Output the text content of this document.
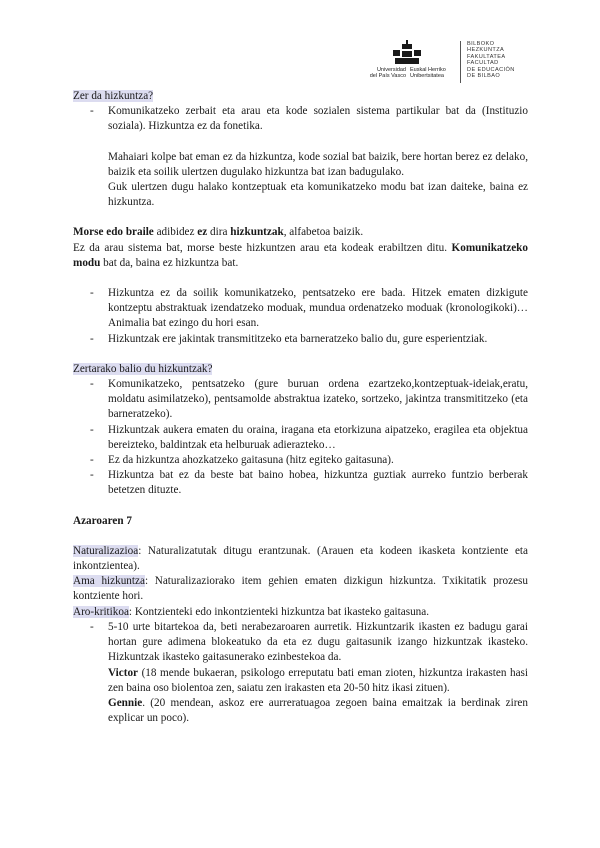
Universidad
del País Vasco
Euskal Herriko
Unibertsitatea
BILBOKO
HEZKUNTZA
FAKULTATEA
FACULTAD
DE EDUCACIÓN
DE BILBAO

Zer da hizkuntza?

- Komunikatzeko zerbait eta arau eta kode sozialen sistema partikular bat da (Instituzio soziala). Hizkuntza ez da fonetika.

Mahaiari kolpe bat eman ez da hizkuntza, kode sozial bat baizik, bere hortan berez ez delako, baizik eta soilik ulertzen dugulako hizkuntza bat izan badugulako.

Guk ulertzen dugu halako kontzeptuak eta komunikatzeko modu bat izan daiteke, baina ez hizkuntza.

Morse edo braile adibidez ez dira hizkuntzak, alfabetoa baizik.

Ez da arau sistema bat, morse beste hizkuntzen arau eta kodeak erabiltzen ditu. Komunikatzeko modu bat da, baina ez hizkuntza bat.

- Hizkuntza ez da soilik komunikatzeko, pentsatzeko ere bada. Hitzek ematen dizkigute kontzeptu abstraktuak izendatzeko moduak, mundua ordenatzeko moduak (kronologikoki)… Animalia bat ezingo du hori esan.
- Hizkuntzak ere jakintak transmititzeko eta barneratzeko balio du, gure esperientziak.

Zertarako balio du hizkuntzak?

- Komunikatzeko, pentsatzeko (gure buruan ordena ezartzeko,kontzeptuak-ideiak,eratu, moldatu asimilatzeko), pentsamolde abstraktua izateko, sortzeko, jakintza transmititzeko (eta barneratzeko).
- Hizkuntzak aukera ematen du oraina, iragana eta etorkizuna aipatzeko, eragilea eta objektua bereizteko, baldintzak eta helburuak adierazteko…
- Ez da hizkuntza ahozkatzeko gaitasuna (hitz egiteko gaitasuna).
- Hizkuntza bat ez da beste bat baino hobea, hizkuntza guztiak aurreko funtzio berberak betetzen dituzte.

Azaroaren 7

Naturalizazioa: Naturalizatutak ditugu erantzunak. (Arauen eta kodeen ikasketa kontziente eta inkontzientea).

Ama hizkuntza: Naturalizaziorako item gehien ematen dizkigun hizkuntza. Txikitatik prozesu kontziente hori.

Aro-kritikoa: Kontzienteki edo inkontzienteki hizkuntza bat ikasteko gaitasuna.

- 5-10 urte bitartekoa da, beti nerabezaroaren aurretik. Hizkuntzarik ikasten ez badugu garai hortan gure adimena blokeatuko da eta ez dugu gaitasunik izango hizkuntzak ikasteko. Hizkuntzak ikasteko gaitasunerako ezinbestekoa da.

Victor (18 mende bukaeran, psikologo erreputatu bati eman zioten, hizkuntza irakasten hasi zen baina oso biolentoa zen, saiatu zen irakasten eta 20-50 hitz ikasi zituen).

Gennie. (20 mendean, askoz ere aurreratuagoa zegoen baina emaitzak ia berdinak ziren explicar un poco).
